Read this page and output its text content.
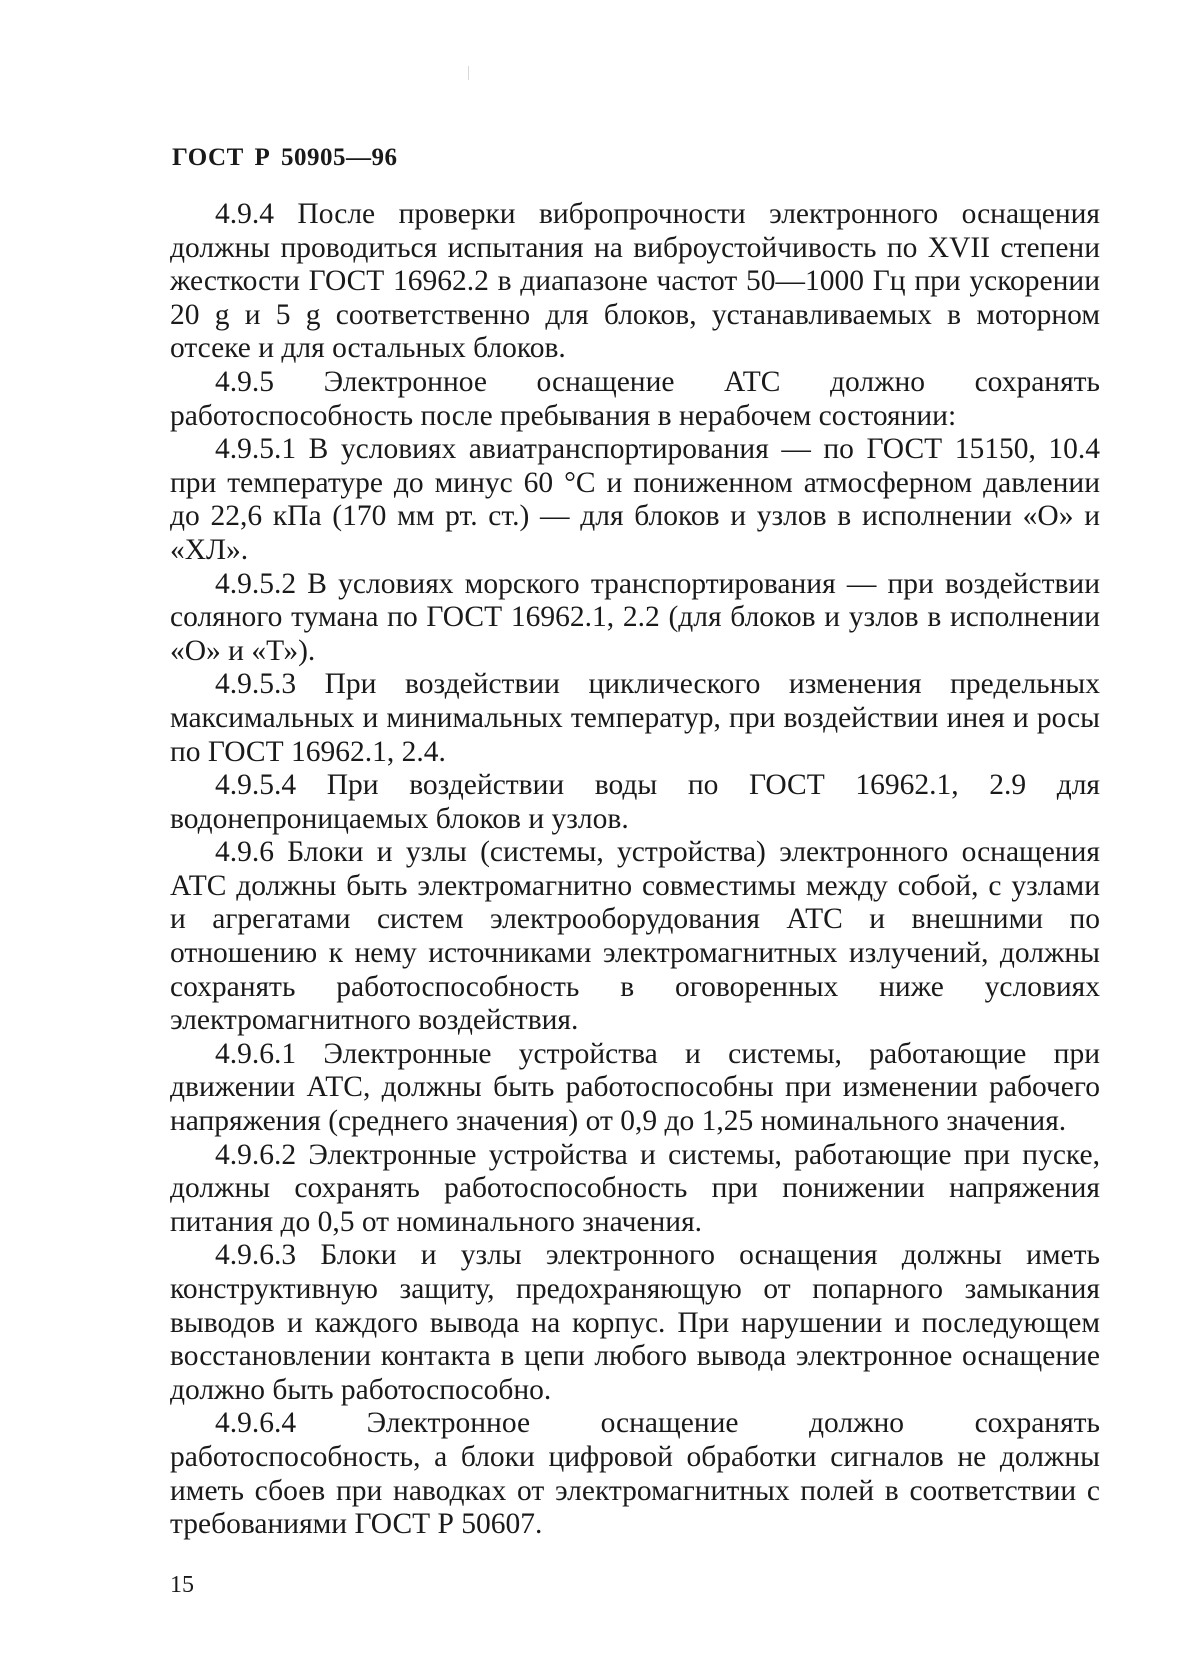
ГОСТ Р 50905—96

4.9.4 После проверки вибропрочности электронного оснащения должны проводиться испытания на виброустойчивость по XVII степени жесткости ГОСТ 16962.2 в диапазоне частот 50—1000 Гц при ускорении 20 g и 5 g соответственно для блоков, устанавливаемых в моторном отсеке и для остальных блоков.

4.9.5 Электронное оснащение АТС должно сохранять работоспособность после пребывания в нерабочем состоянии:

4.9.5.1 В условиях авиатранспортирования — по ГОСТ 15150, 10.4 при температуре до минус 60 °С и пониженном атмосферном давлении до 22,6 кПа (170 мм рт. ст.) — для блоков и узлов в исполнении «О» и «ХЛ».

4.9.5.2 В условиях морского транспортирования — при воздействии соляного тумана по ГОСТ 16962.1, 2.2 (для блоков и узлов в исполнении «О» и «Т»).

4.9.5.3 При воздействии циклического изменения предельных максимальных и минимальных температур, при воздействии инея и росы по ГОСТ 16962.1, 2.4.

4.9.5.4 При воздействии воды по ГОСТ 16962.1, 2.9 для водонепроницаемых блоков и узлов.

4.9.6 Блоки и узлы (системы, устройства) электронного оснащения АТС должны быть электромагнитно совместимы между собой, с узлами и агрегатами систем электрооборудования АТС и внешними по отношению к нему источниками электромагнитных излучений, должны сохранять работоспособность в оговоренных ниже условиях электромагнитного воздействия.

4.9.6.1 Электронные устройства и системы, работающие при движении АТС, должны быть работоспособны при изменении рабочего напряжения (среднего значения) от 0,9 до 1,25 номинального значения.

4.9.6.2 Электронные устройства и системы, работающие при пуске, должны сохранять работоспособность при понижении напряжения питания до 0,5 от номинального значения.

4.9.6.3 Блоки и узлы электронного оснащения должны иметь конструктивную защиту, предохраняющую от попарного замыкания выводов и каждого вывода на корпус. При нарушении и последующем восстановлении контакта в цепи любого вывода электронное оснащение должно быть работоспособно.

4.9.6.4 Электронное оснащение должно сохранять работоспособность, а блоки цифровой обработки сигналов не должны иметь сбоев при наводках от электромагнитных полей в соответствии с требованиями ГОСТ Р 50607.

15
